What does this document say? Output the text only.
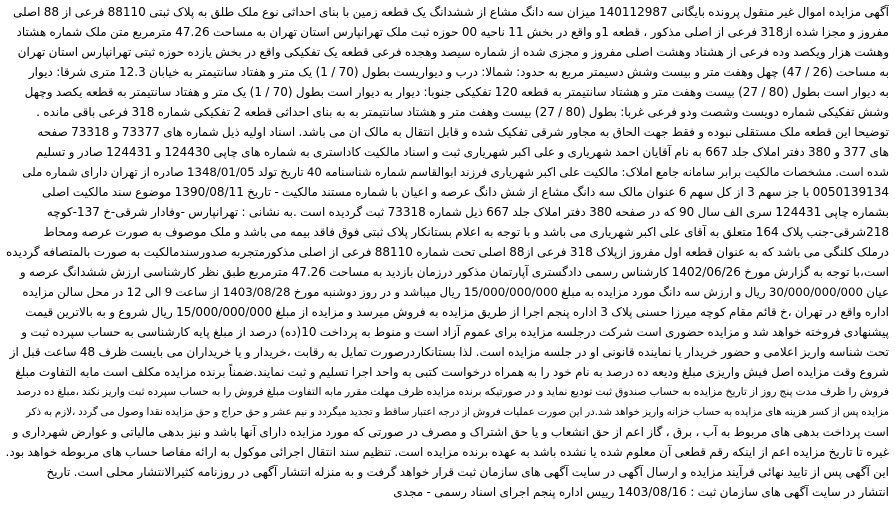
آگهی مزایده اموال غیر منقول پرونده بایگانی 140112987 میزان سه دانگ مشاع از ششدانگ یک قطعه زمین با بنای احداثی نوع ملک طلق به پلاک ثبتی 88110 فرعی از 88 اصلی
مفروز و مجزا شده از318 فرعی از اصلی مذکور ، قطعه 1و واقع در بخش 11 ناحیه 00 حوزه ثبت ملک تهرانپارس استان تهران به مساحت 47.26 مترمربع متن ملک شماره هشتاد
وهشت هزار ویکصد وده فرعی از هشتاد وهشت اصلی مفروز و مجزی شده از شماره سیصد وهجده فرعی قطعه یک تفکیکی واقع در بخش یازده حوزه ثبتی تهرانپارس استان تهران
به مساحت (26 / 47) چهل وهفت متر و بیست وشش دسیمتر مربع به حدود: شمالا: درب و دیواریست بطول (70 / 1) یک متر و هفتاد سانتیمتر به خیابان 12.3 متری شرقا: دیوار
به دیوار است بطول (80 / 27) بیست وهفت متر و هشتاد سانتیمتر به قطعه 120 تفکیکی جنوبا: دیوار به دیوار است بطول (70 / 1) یک متر و هفتاد سانتیمتر به قطعه یکصد وچهل
وشش تفکیکی شماره دویست وشصت ودو فرعی غربا: بطول (80 / 27) بیست وهفت متر و هشتاد سانتیمتر به به بنای احداثی قطعه 2 تفکیکی شماره 318 فرعی باقی مانده .
توضیحا این قطعه ملک مستقلی نبوده و فقط جهت الحاق به مجاور شرقی تفکیک شده و قابل انتقال به مالک ان می باشد. اسناد اولیه ذیل شماره های 73377 و 73318 صفحه
های 377 و 380 دفتر املاک جلد 667 به نام آقایان احمد شهریاری و علی اکبر شهریاری ثبت و اسناد مالکیت کاداستری به شماره های چاپی 124430 و 124431 صادر و تسلیم
شده است. مشخصات مالکیت برابر سامانه جامع املاک: مالکیت علی اکبر شهریاری فرزند ابوالقاسم شماره شناسنامه 40 تاریخ تولد 1348/01/05 صادره از تهران دارای شماره ملی
0050139134 با جز سهم 3 از کل سهم 6 عنوان مالک سه دانگ مشاع از شش دانگ عرصه و اعیان با شماره مستند مالکیت - تاریخ 1390/08/11 موضوع سند مالکیت اصلی
بشماره چاپی 124431 سری الف سال 90 که در صفحه 380 دفتر املاک جلد 667 ذیل شماره 73318 ثبت گردیده است .به نشانی : تهرانپارس -وفادار شرقی-خ 137-کوچه
218شرقی-جنب پلاک 164 متعلق به آقای علی اکبر شهریاری می باشد و با توجه به اعلام بستانکار پلاک ثبتی فوق فاقد بیمه می باشد و ملک موصوف به صورت عرصه ومحاط
درملک کلنگی می باشد که به عنوان قطعه اول مفروز ازپلاک 318 فرعی از88 اصلی تحت شماره 88110 فرعی از اصلی مذکورمتجربه صدورسندمالکیت به صورت بالمتصافه گردیده
است،با توجه به گزارش مورخ 1402/06/26 کارشناس رسمی دادگستری آپارتمان مذکور درزمان بازدید به مساحت 47.26 مترمربع طبق نظر کارشناسی ارزش ششدانگ عرصه و
عیان 30/000/000/000 ریال و ارزش سه دانگ مورد مزایده به مبلغ 15/000/000/000 ریال میباشد و در روز دوشنبه مورخ 1403/08/28 از ساعت 9 الی 12 در محل سالن مزایده
اداره واقع در تهران ،خ قائم مقام کوچه میرزا حسنی پلاک 3 اداره پنجم اجرا از طریق مزایده به فروش میرسد و مزایده از مبلغ 15/000/000/000 ریال شروع و به بالاترین قیمت
پیشنهادی فروخته خواهد شد و مزایده حضوری است شرکت درجلسه مزایده برای عموم آزاد است و منوط به پرداخت 10(ده) درصد از مبلغ پایه کارشناسی به حساب سپرده ثبت و
تحت شناسه واریز اعلامی و حضور خریدار یا نماینده قانونی او در جلسه مزایده است. لذا بستانکاردرصورت تمایل به رقابت ،خریدار و یا خریداران می بایست ظرف 48 ساعت قبل از
شروع وقت مزایده اصل فیش واریزی مبلغ ودیعه ده درصد به نام خود را به همراه درخواست کتبی به واحد اجرا تسلیم و ثبت نمایند.ضمناً برنده مزایده مکلف است مابه التفاوت مبلغ
فروش را ظرف مدت پنج روز از تاریخ مزایده به حساب صندوق ثبت تودیع نماید و در صورتیکه برنده مزایده ظرف مهلت مقرر مابه التفاوت مبلغ فروش را به حساب سپرده ثبت واریز نکند ،مبلغ ده درصد
مزایده پس از کسر هزینه های مزایده به حساب خزانه واریز خواهد شد.در این صورت عملیات فروش از درجه اعتبار ساقط و تجدید میگردد و نیم عشر و حق حراج و حق مزایده نقدا وصول می گردد ،لازم به ذکر
است پرداخت بدهی های مربوط به آب ، برق ، گاز اعم از حق انشعاب و یا حق اشتراک و مصرف در صورتی که مورد مزایده دارای آنها باشد و نیز بدهی مالیاتی و عوارض شهرداری و
غیره تا تاریخ مزایده اعم از اینکه رقم قطعی آن معلوم شده یا نشده باشد به عهده برنده مزایده است. تنظیم سند انتقال اجرائی موکول به ارائه مفاصا حساب های مربوطه خواهد بود.
این آگهی پس از تایید نهائی فرآیند مزایده و ارسال آگهی در سایت آگهی های سازمان ثبت قرار خواهد گرفت و به منزله انتشار آگهی در روزنامه کثیرالانتشار محلی است. تاریخ
انتشار در سایت آگهی های سازمان ثبت : 1403/08/16 رییس اداره پنجم اجرای اسناد رسمی - مجدی
